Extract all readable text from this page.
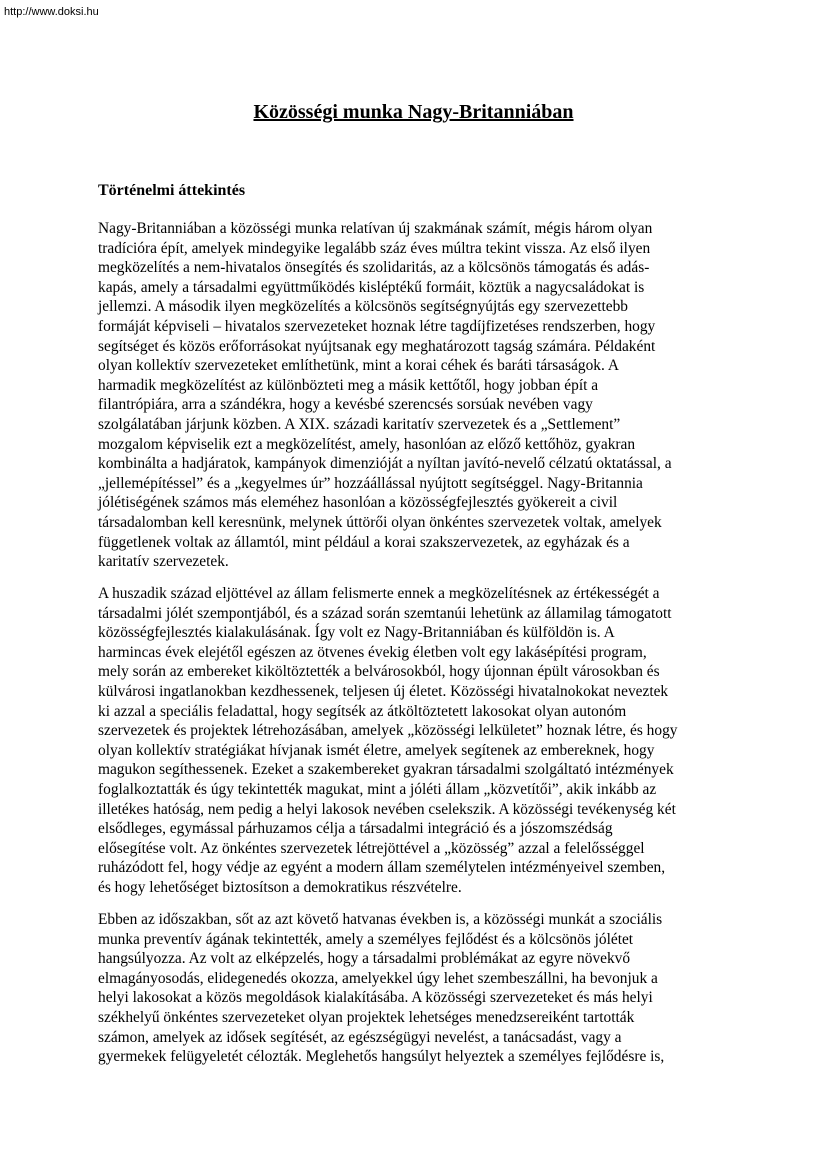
http://www.doksi.hu
Közösségi munka Nagy-Britanniában
Történelmi áttekintés
Nagy-Britanniában a közösségi munka relatívan új szakmának számít, mégis három olyan
tradícióra épít, amelyek mindegyike legalább száz éves múltra tekint vissza. Az első ilyen
megközelítés a nem-hivatalos önsegítés és szolidaritás, az a kölcsönös támogatás és adás-
kapás, amely a társadalmi együttműködés kisléptékű formáit, köztük a nagycsaládokat is
jellemzi. A második ilyen megközelítés a kölcsönös segítségnyújtás egy szervezettebb
formáját képviseli – hivatalos szervezeteket hoznak létre tagdíjfizetéses rendszerben, hogy
segítséget és közös erőforrásokat nyújtsanak egy meghatározott tagság számára. Példaként
olyan kollektív szervezeteket említhetünk, mint a korai céhek és baráti társaságok. A
harmadik megközelítést az különbözteti meg a másik kettőtől, hogy jobban épít a
filantrópiára, arra a szándékra, hogy a kevésbé szerencsés sorsúak nevében vagy
szolgálatában járjunk közben. A XIX. századi karitatív szervezetek és a „Settlement”
mozgalom képviselik ezt a megközelítést, amely, hasonlóan az előző kettőhöz, gyakran
kombinálta a hadjáratok, kampányok dimenzióját a nyíltan javító-nevelő célzatú oktatással, a
„jellemépítéssel” és a „kegyelmes úr” hozzáállással nyújtott segítséggel. Nagy-Britannia
jólétiségének számos más eleméhez hasonlóan a közösségfejlesztés gyökereit a civil
társadalomban kell keresnünk, melynek úttörői olyan önkéntes szervezetek voltak, amelyek
függetlenek voltak az államtól, mint például a korai szakszervezetek, az egyházak és a
karitatív szervezetek.
A huszadik század eljöttével az állam felismerte ennek a megközelítésnek az értékességét a
társadalmi jólét szempontjából, és a század során szemtanúi lehetünk az államilag támogatott
közösségfejlesztés kialakulásának. Így volt ez Nagy-Britanniában és külföldön is. A
harmincas évek elejétől egészen az ötvenes évekig életben volt egy lakásépítési program,
mely során az embereket kiköltöztették a belvárosokból, hogy újonnan épült városokban és
külvárosi ingatlanokban kezdhessenek, teljesen új életet. Közösségi hivatalnokokat neveztek
ki azzal a speciális feladattal, hogy segítsék az átköltöztetett lakosokat olyan autonóm
szervezetek és projektek létrehozásában, amelyek „közösségi lelkületet” hoznak létre, és hogy
olyan kollektív stratégiákat hívjanak ismét életre, amelyek segítenek az embereknek, hogy
magukon segíthessenek. Ezeket a szakembereket gyakran társadalmi szolgáltató intézmények
foglalkoztatták és úgy tekintették magukat, mint a jóléti állam „közvetítői”, akik inkább az
illetékes hatóság, nem pedig a helyi lakosok nevében cselekszik. A közösségi tevékenység két
elsődleges, egymással párhuzamos célja a társadalmi integráció és a jószomszédság
elősegítése volt. Az önkéntes szervezetek létrejöttével a „közösség” azzal a felelősséggel
ruházódott fel, hogy védje az egyént a modern állam személytelen intézményeivel szemben,
és hogy lehetőséget biztosítson a demokratikus részvételre.
Ebben az időszakban, sőt az azt követő hatvanas években is, a közösségi munkát a szociális
munka preventív ágának tekintették, amely a személyes fejlődést és a kölcsönös jólétet
hangsúlyozza. Az volt az elképzelés, hogy a társadalmi problémákat az egyre növekvő
elmagányosodás, elidegenedés okozza, amelyekkel úgy lehet szembeszállni, ha bevonjuk a
helyi lakosokat a közös megoldások kialakításába. A közösségi szervezeteket és más helyi
székhelyű önkéntes szervezeteket olyan projektek lehetséges menedzsereiként tartották
számon, amelyek az idősek segítését, az egészségügyi nevelést, a tanácsadást, vagy a
gyermekek felügyeletét célozták. Meglehetős hangsúlyt helyeztek a személyes fejlődésre is,
